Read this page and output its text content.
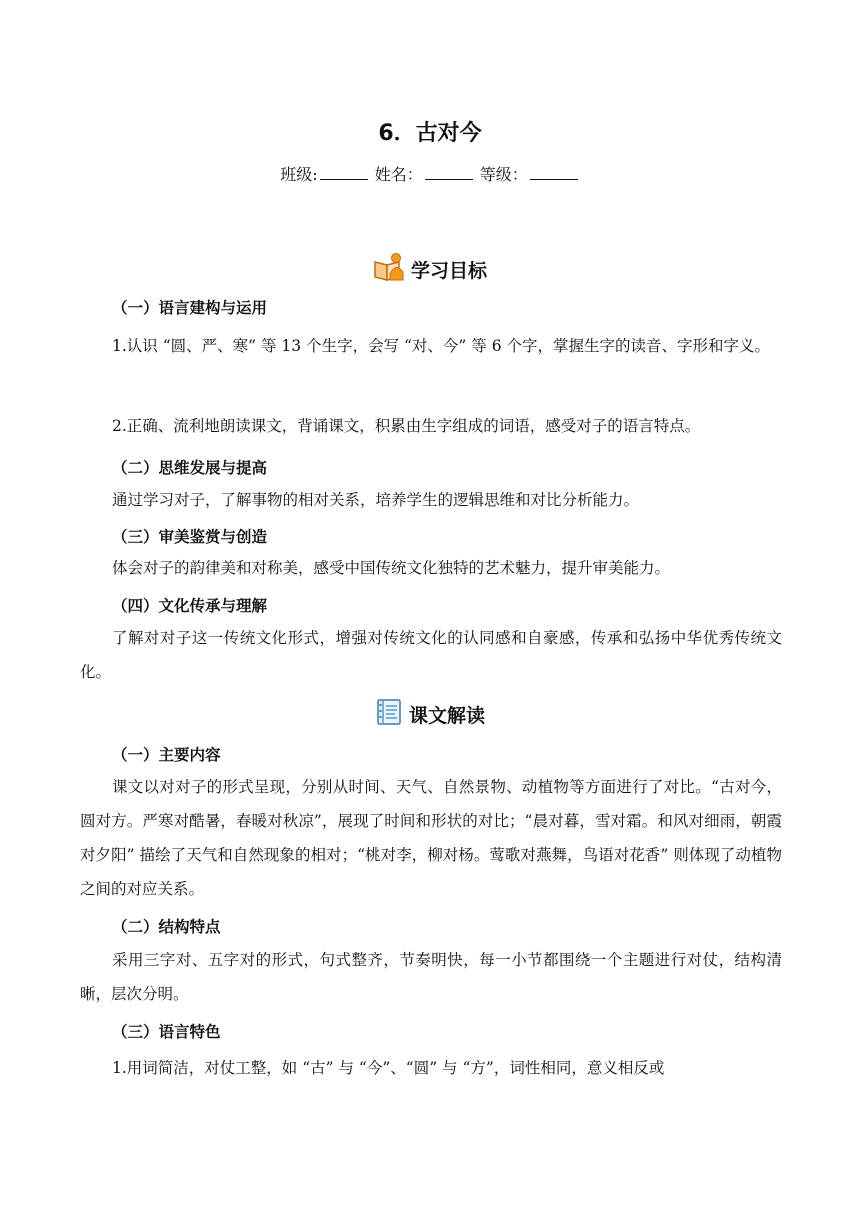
6．古对今
班级:	姓名：	等级：
学习目标
（一）语言建构与运用

1.认识 “圆、严、寒” 等 13 个生字，会写 “对、今” 等 6 个字，掌握生字的读音、字形和字义。

2.正确、流利地朗读课文，背诵课文，积累由生字组成的词语，感受对子的语言特点。

（二）思维发展与提高

通过学习对子，了解事物的相对关系，培养学生的逻辑思维和对比分析能力。

（三）审美鉴赏与创造

体会对子的韵律美和对称美，感受中国传统文化独特的艺术魅力，提升审美能力。

（四）文化传承与理解

了解对对子这一传统文化形式，增强对传统文化的认同感和自豪感，传承和弘扬中华优秀传统文化。

课文解读
（一）主要内容

课文以对对子的形式呈现，分别从时间、天气、自然景物、动植物等方面进行了对比。“古对今，圆对方。严寒对酷暑，春暖对秋凉”，展现了时间和形状的对比；“晨对暮，雪对霜。和风对细雨，朝霞对夕阳” 描绘了天气和自然现象的相对；“桃对李，柳对杨。莺歌对燕舞，鸟语对花香” 则体现了动植物之间的对应关系。

（二）结构特点

采用三字对、五字对的形式，句式整齐，节奏明快，每一小节都围绕一个主题进行对仗，结构清晰，层次分明。

（三）语言特色

1.用词简洁，对仗工整，如 “古” 与 “今”、“圆” 与 “方”，词性相同，意义相反或
